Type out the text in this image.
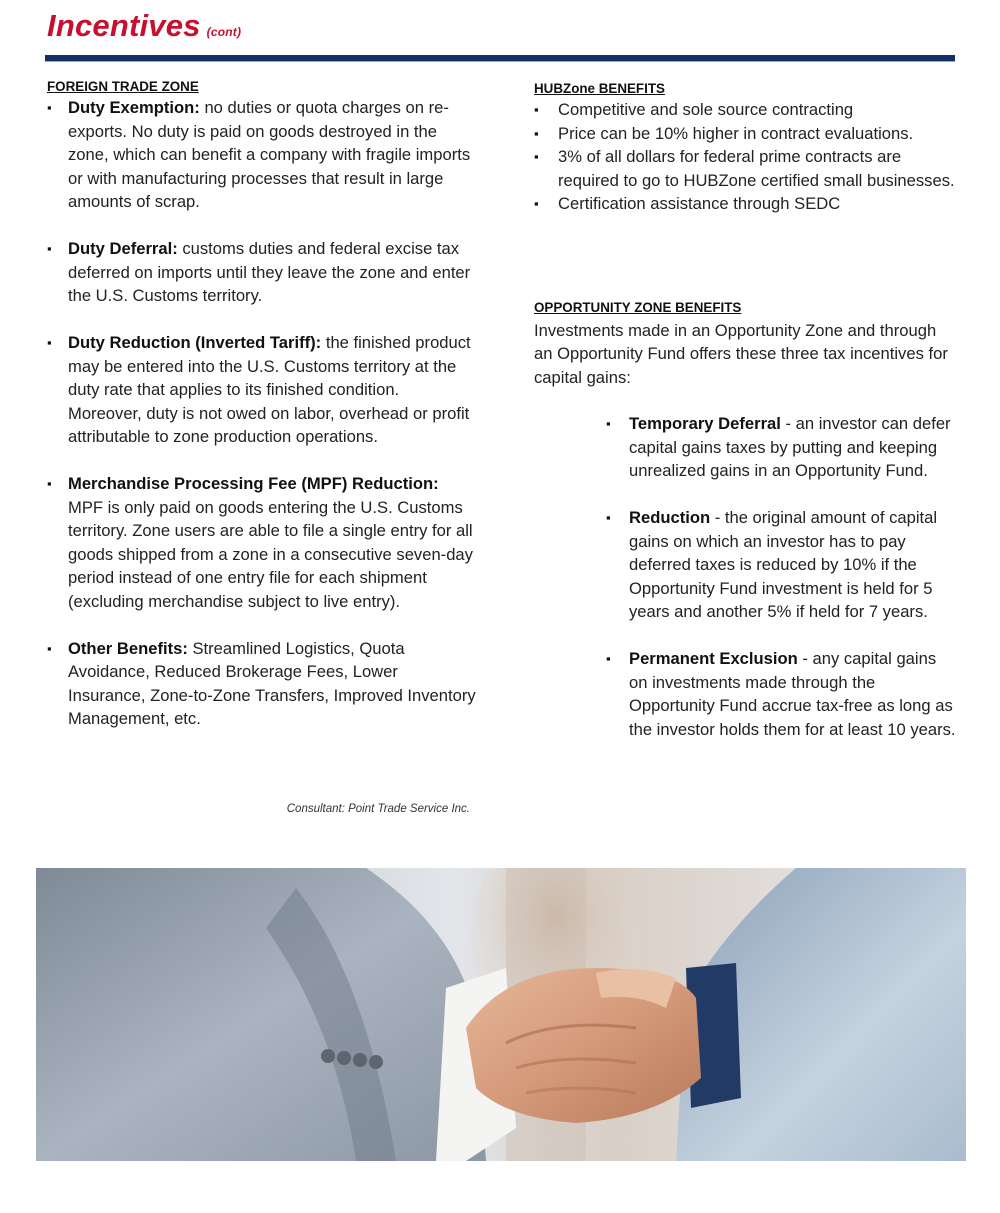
Incentives (cont)
FOREIGN TRADE ZONE
▪ Duty Exemption: no duties or quota charges on re-exports. No duty is paid on goods destroyed in the zone, which can benefit a company with fragile imports or with manufacturing processes that result in large amounts of scrap.
▪ Duty Deferral: customs duties and federal excise tax deferred on imports until they leave the zone and enter the U.S. Customs territory.
▪ Duty Reduction (Inverted Tariff): the finished product may be entered into the U.S. Customs territory at the duty rate that applies to its finished condition. Moreover, duty is not owed on labor, overhead or profit attributable to zone production operations.
▪ Merchandise Processing Fee (MPF) Reduction: MPF is only paid on goods entering the U.S. Customs territory. Zone users are able to file a single entry for all goods shipped from a zone in a consecutive seven-day period instead of one entry file for each shipment (excluding merchandise subject to live entry).
▪ Other Benefits: Streamlined Logistics, Quota Avoidance, Reduced Brokerage Fees, Lower Insurance, Zone-to-Zone Transfers, Improved Inventory Management, etc.
Consultant: Point Trade Service Inc.
HUBZone BENEFITS
▪ Competitive and sole source contracting
▪ Price can be 10% higher in contract evaluations.
▪ 3% of all dollars for federal prime contracts are required to go to HUBZone certified small businesses.
▪ Certification assistance through SEDC
OPPORTUNITY ZONE BENEFITS

Investments made in an Opportunity Zone and through an Opportunity Fund offers these three tax incentives for capital gains:

▪ Temporary Deferral - an investor can defer capital gains taxes by putting and keeping unrealized gains in an Opportunity Fund.
▪ Reduction - the original amount of capital gains on which an investor has to pay deferred taxes is reduced by 10% if the Opportunity Fund investment is held for 5 years and another 5% if held for 7 years.
▪ Permanent Exclusion - any capital gains on investments made through the Opportunity Fund accrue tax-free as long as the investor holds them for at least 10 years.
